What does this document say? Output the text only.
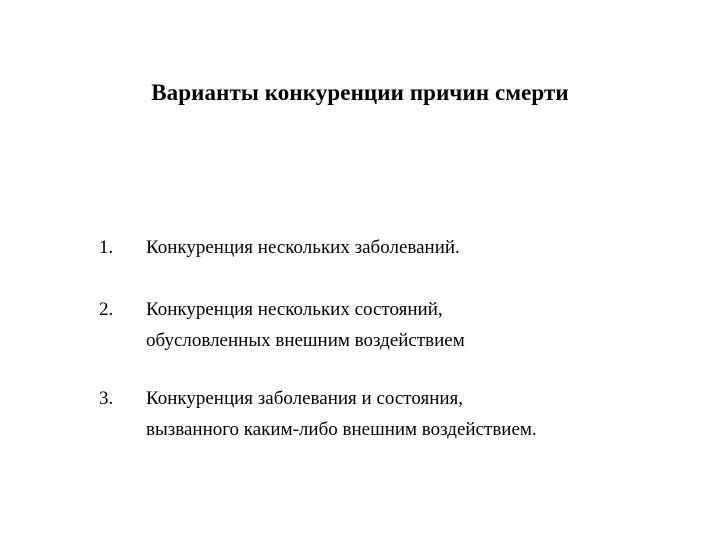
Варианты конкуренции причин смерти
1. Конкуренция нескольких заболеваний.
2. Конкуренция нескольких состояний,
обусловленных внешним воздействием
3. Конкуренция заболевания и состояния,
вызванного каким-либо внешним воздействием.
